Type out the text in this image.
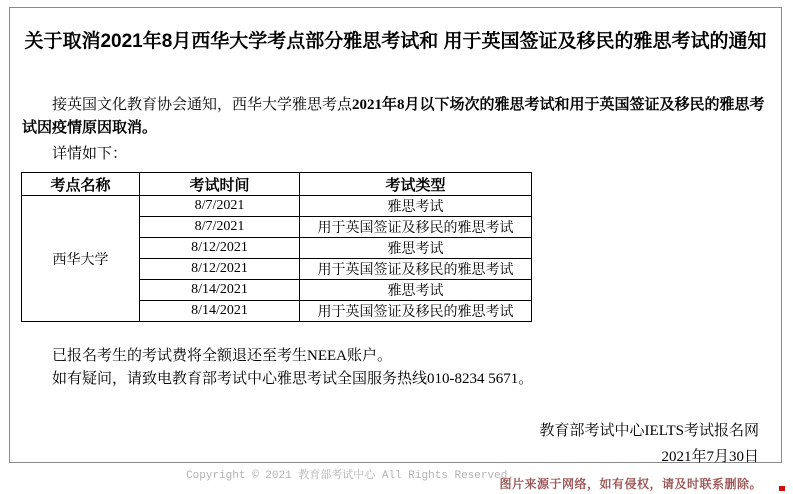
关于取消2021年8月西华大学考点部分雅思考试和 用于英国签证及移民的雅思考试的通知

接英国文化教育协会通知，西华大学雅思考点2021年8月以下场次的雅思考试和用于英国签证及移民的雅思考试因疫情原因取消。

详情如下：

考点名称	考试时间	考试类型
西华大学	8/7/2021	雅思考试
	8/7/2021	用于英国签证及移民的雅思考试
	8/12/2021	雅思考试
	8/12/2021	用于英国签证及移民的雅思考试
	8/14/2021	雅思考试
	8/14/2021	用于英国签证及移民的雅思考试

已报名考生的考试费将全额退还至考生NEEA账户。

如有疑问，请致电教育部考试中心雅思考试全国服务热线010-8234 5671。

教育部考试中心IELTS考试报名网
2021年7月30日
Copyright © 2021 教育部考试中心 All Rights Reserved.
图片来源于网络，如有侵权，请及时联系删除。
